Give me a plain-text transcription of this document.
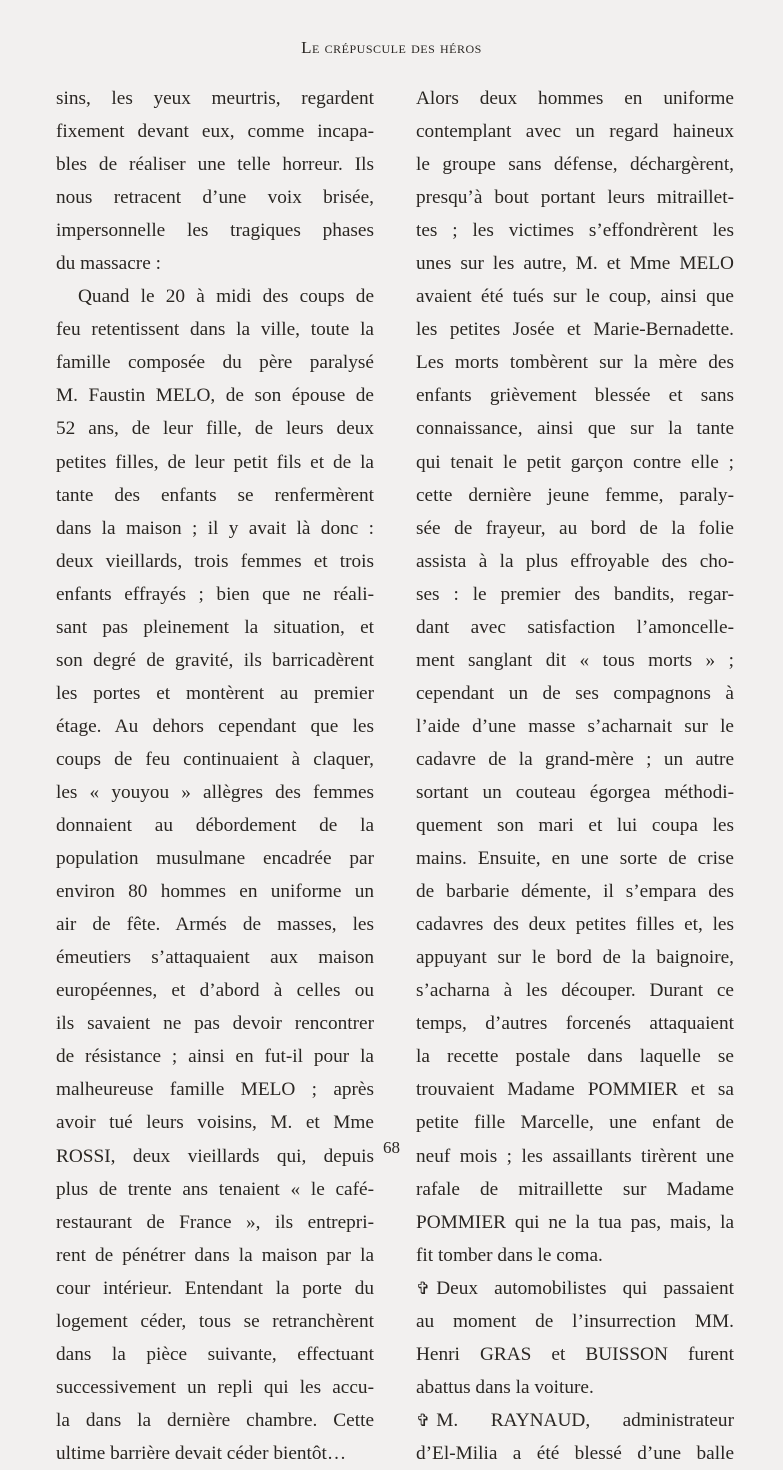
Le crépuscule des héros
sins, les yeux meurtris, regardent
fixement devant eux, comme incapa-
bles de réaliser une telle horreur. Ils
nous retracent d’une voix brisée,
impersonnelle les tragiques phases
du massacre :
Quand le 20 à midi des coups de
feu retentissent dans la ville, toute la
famille composée du père paralysé
M. Faustin MELO, de son épouse de
52 ans, de leur fille, de leurs deux
petites filles, de leur petit fils et de la
tante des enfants se renfermèrent
dans la maison ; il y avait là donc :
deux vieillards, trois femmes et trois
enfants effrayés ; bien que ne réali-
sant pas pleinement la situation, et
son degré de gravité, ils barricadèrent
les portes et montèrent au premier
étage. Au dehors cependant que les
coups de feu continuaient à claquer,
les « youyou » allègres des femmes
donnaient au débordement de la
population musulmane encadrée par
environ 80 hommes en uniforme un
air de fête. Armés de masses, les
émeutiers s’attaquaient aux maison
européennes, et d’abord à celles ou
ils savaient ne pas devoir rencontrer
de résistance ; ainsi en fut-il pour la
malheureuse famille MELO ; après
avoir tué leurs voisins, M. et Mme
ROSSI, deux vieillards qui, depuis
plus de trente ans tenaient « le café-
restaurant de France », ils entrepri-
rent de pénétrer dans la maison par la
cour intérieur. Entendant la porte du
logement céder, tous se retranchèrent
dans la pièce suivante, effectuant
successivement un repli qui les accu-
la dans la dernière chambre. Cette
ultime barrière devait céder bientôt…
Alors deux hommes en uniforme
contemplant avec un regard haineux
le groupe sans défense, déchargèrent,
presqu’à bout portant leurs mitraillet-
tes ; les victimes s’effondrèrent les
unes sur les autre, M. et Mme MELO
avaient été tués sur le coup, ainsi que
les petites Josée et Marie-Bernadette.
Les morts tombèrent sur la mère des
enfants grièvement blessée et sans
connaissance, ainsi que sur la tante
qui tenait le petit garçon contre elle ;
cette dernière jeune femme, paraly-
sée de frayeur, au bord de la folie
assista à la plus effroyable des cho-
ses : le premier des bandits, regar-
dant avec satisfaction l’amoncelle-
ment sanglant dit « tous morts » ;
cependant un de ses compagnons à
l’aide d’une masse s’acharnait sur le
cadavre de la grand-mère ; un autre
sortant un couteau égorgea méthodi-
quement son mari et lui coupa les
mains. Ensuite, en une sorte de crise
de barbarie démente, il s’empara des
cadavres des deux petites filles et, les
appuyant sur le bord de la baignoire,
s’acharna à les découper. Durant ce
temps, d’autres forcenés attaquaient
la recette postale dans laquelle se
trouvaient Madame POMMIER et sa
petite fille Marcelle, une enfant de
neuf mois ; les assaillants tirèrent une
rafale de mitraillette sur Madame
POMMIER qui ne la tua pas, mais, la
fit tomber dans le coma.
✞ Deux automobilistes qui passaient
au moment de l’insurrection MM.
Henri GRAS et BUISSON furent
abattus dans la voiture.
✞ M. RAYNAUD, administrateur
d’El-Milia a été blessé d’une balle
68
